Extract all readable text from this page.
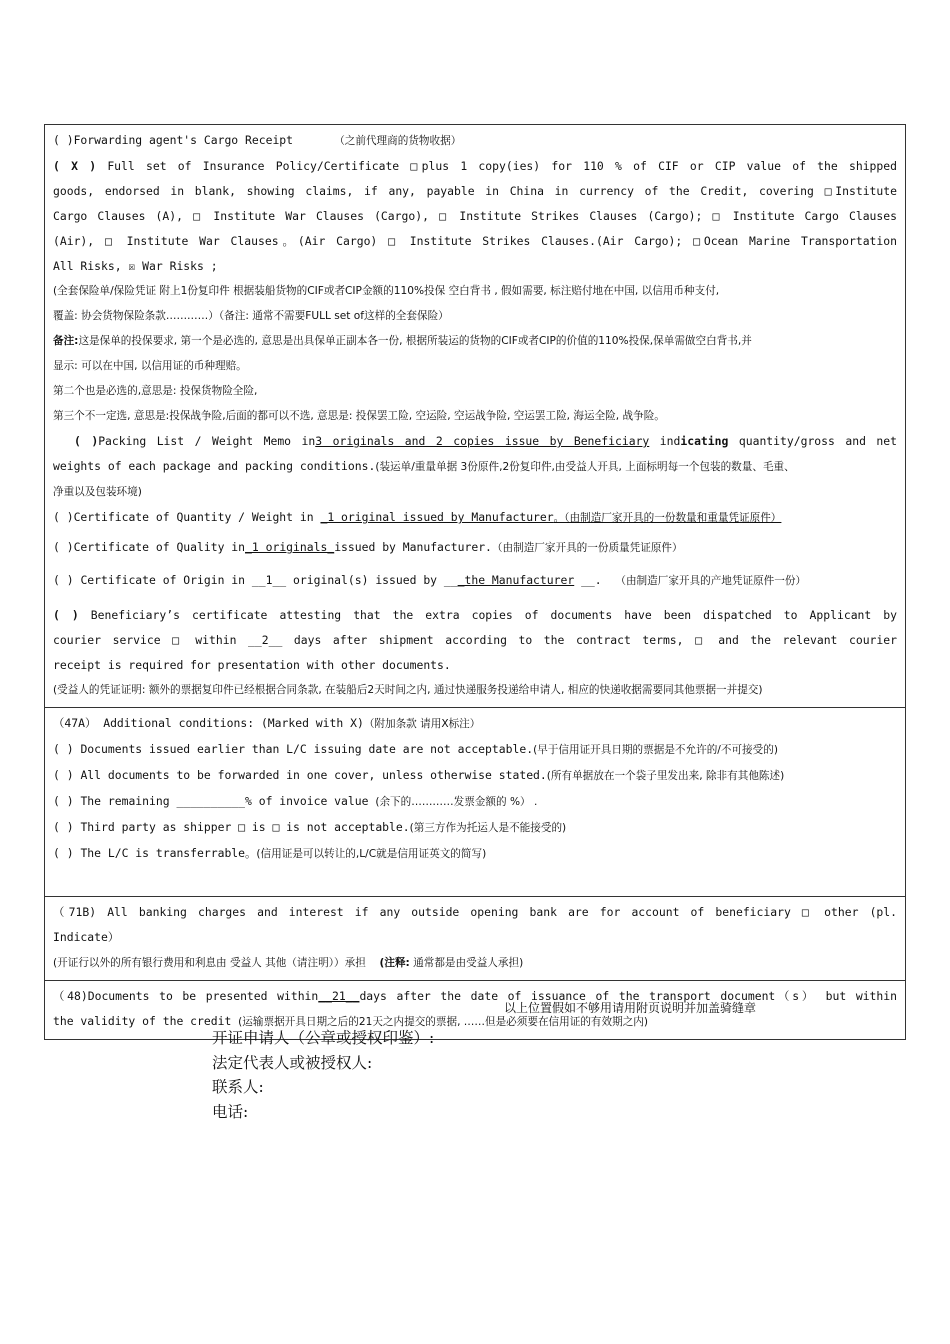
( )Forwarding agent's Cargo Receipt	（之前代理商的货物收据）
( X ) Full set of Insurance Policy/Certificate □plus 1 copy(ies) for 110 % of CIF or CIP value of the shipped
goods, endorsed in blank, showing claims, if any, payable in China in currency of the Credit, covering □Institute
Cargo Clauses (A), □ Institute War Clauses (Cargo), □ Institute Strikes Clauses (Cargo); □ Institute Cargo Clauses
(Air), □ Institute War Clauses。(Air Cargo) □ Institute Strikes Clauses.(Air Cargo); □Ocean Marine Transportation
All Risks, ☒ War Risks ;
(全套保险单/保险凭证 附上1份复印件 根据装船货物的CIF或者CIP金额的110%投保 空白背书 , 假如需要, 标注赔付地在中国, 以信用币种支付,
覆盖: 协会货物保险条款…………）（备注: 通常不需要FULL set of这样的全套保险）
备注:这是保单的投保要求, 第一个是必选的, 意思是出具保单正副本各一份, 根据所装运的货物的CIF或者CIP的价值的110%投保,保单需做空白背书,并
显示: 可以在中国, 以信用证的币种理赔。
第二个也是必选的,意思是: 投保货物险全险,
第三个不一定选, 意思是:投保战争险,后面的都可以不选, 意思是: 投保罢工险, 空运险, 空运战争险, 空运罢工险, 海运全险, 战争险。
( )Packing List / Weight Memo in3 originals and 2 copies issue by Beneficiary indicating quantity/gross and net
weights of each package and packing conditions.(装运单/重量单据 3份原件,2份复印件,由受益人开具, 上面标明每一个包装的数量、毛重、
净重以及包装环境)
( )Certificate of Quantity / Weight in _1 original issued by Manufacturer。（由制造厂家开具的一份数量和重量凭证原件）
( )Certificate of Quality in_1 originals_issued by Manufacturer.（由制造厂家开具的一份质量凭证原件）
( ) Certificate of Origin in __1__ original(s) issued by ___the Manufacturer __. （由制造厂家开具的产地凭证原件一份）
( ) Beneficiary’s certificate attesting that the extra copies of documents have been dispatched to Applicant by
courier service □ within __2__ days after shipment according to the contract terms, □ and the relevant courier
receipt is required for presentation with other documents.
(受益人的凭证证明: 额外的票据复印件已经根据合同条款, 在装船后2天时间之内, 通过快递服务投递给申请人, 相应的快递收据需要同其他票据一并提交)
（47A） Additional conditions: (Marked with X)（附加条款 请用X标注）
( ) Documents issued earlier than L/C issuing date are not acceptable.(早于信用证开具日期的票据是不允许的/不可接受的)
( ) All documents to be forwarded in one cover, unless otherwise stated.(所有单据放在一个袋子里发出来, 除非有其他陈述)
( ) The remaining __________% of invoice value (余下的…………发票金额的 %） .
( ) Third party as shipper □ is □ is not acceptable.(第三方作为托运人是不能接受的)
( ) The L/C is transferrable。(信用证是可以转让的,L/C就是信用证英文的简写)
（71B) All banking charges and interest if any outside opening bank are for account of beneficiary □ other (pl.
Indicate）
(开证行以外的所有银行费用和利息由 受益人 其他（请注明））承担 (注释: 通常都是由受益人承担)
（48)Documents to be presented within__21__days after the date of issuance of the transport document（s） but within
the validity of the credit (运输票据开具日期之后的21天之内提交的票据, ……但是必须要在信用证的有效期之内)
以上位置假如不够用请用附页说明并加盖骑缝章
开证申请人（公章或授权印鉴）:
法定代表人或被授权人:
联系人:
电话:
